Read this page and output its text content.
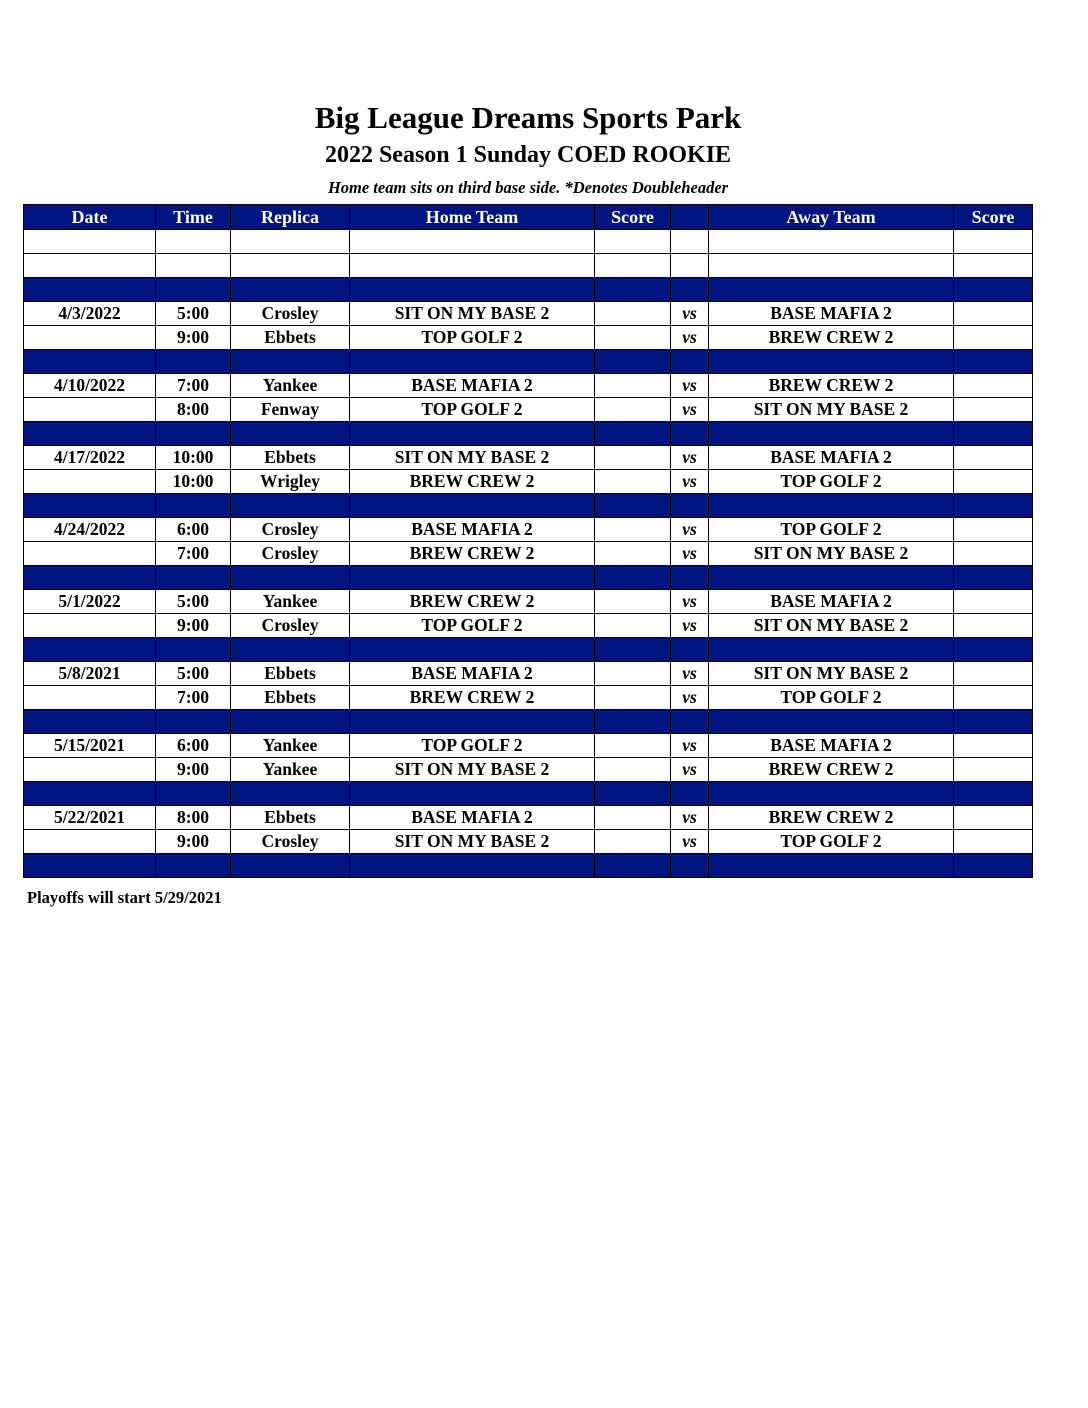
Big League Dreams Sports Park
2022 Season 1 Sunday COED ROOKIE
Home team sits on third base side. *Denotes Doubleheader
Date	Time	Replica	Home Team	Score		Away Team	Score

4/3/2022	5:00	Crosley	SIT ON MY BASE 2		vs	BASE MAFIA 2	
	9:00	Ebbets	TOP GOLF 2		vs	BREW CREW 2	

4/10/2022	7:00	Yankee	BASE MAFIA 2		vs	BREW CREW 2	
	8:00	Fenway	TOP GOLF 2		vs	SIT ON MY BASE 2	

4/17/2022	10:00	Ebbets	SIT ON MY BASE 2		vs	BASE MAFIA 2	
	10:00	Wrigley	BREW CREW 2		vs	TOP GOLF 2	

4/24/2022	6:00	Crosley	BASE MAFIA 2		vs	TOP GOLF 2	
	7:00	Crosley	BREW CREW 2		vs	SIT ON MY BASE 2	

5/1/2022	5:00	Yankee	BREW CREW 2		vs	BASE MAFIA 2	
	9:00	Crosley	TOP GOLF 2		vs	SIT ON MY BASE 2	

5/8/2021	5:00	Ebbets	BASE MAFIA 2		vs	SIT ON MY BASE 2	
	7:00	Ebbets	BREW CREW 2		vs	TOP GOLF 2	

5/15/2021	6:00	Yankee	TOP GOLF 2		vs	BASE MAFIA 2	
	9:00	Yankee	SIT ON MY BASE 2		vs	BREW CREW 2	

5/22/2021	8:00	Ebbets	BASE MAFIA 2		vs	BREW CREW 2	
	9:00	Crosley	SIT ON MY BASE 2		vs	TOP GOLF 2	

Playoffs will start 5/29/2021
